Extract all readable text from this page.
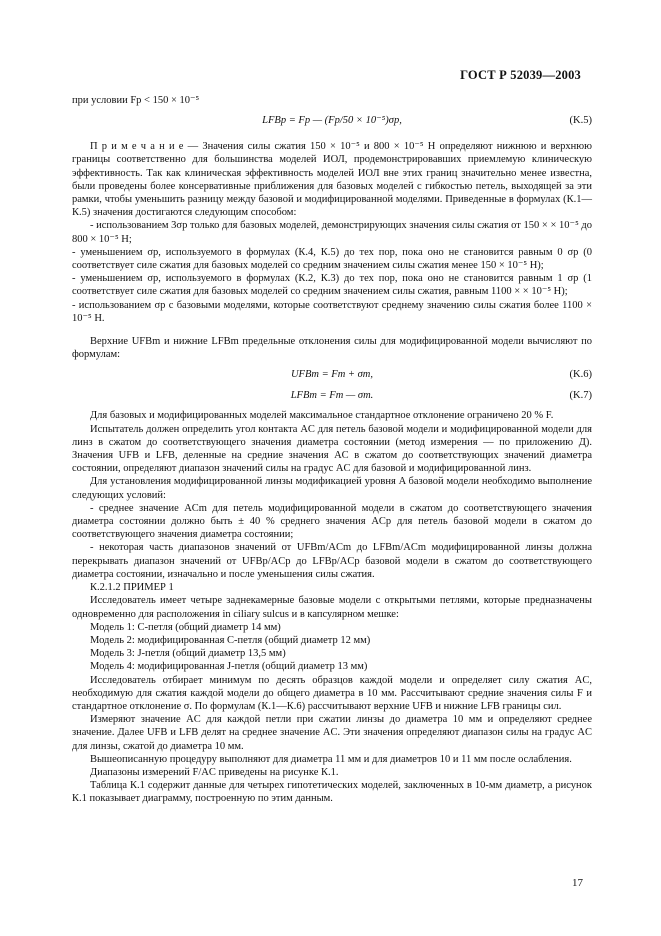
ГОСТ Р 52039—2003

при условии Fp < 150 × 10⁻⁵

LFBp = Fp — (Fp/50 × 10⁻⁵)σp,	(K.5)

П р и м е ч а н и е — Значения силы сжатия 150 × 10⁻⁵ и 800 × 10⁻⁵ H определяют нижнюю и верхнюю границы соответственно для большинства моделей ИОЛ, продемонстрировавших приемлемую клиническую эффективность. Так как клиническая эффективность моделей ИОЛ вне этих границ значительно менее известна, были проведены более консервативные приближения для базовых моделей с гибкостью петель, выходящей за эти рамки, чтобы уменьшить разницу между базовой и модифицированной моделями. Приведенные в формулах (К.1—К.5) значения достигаются следующим способом:

- использованием 3σp только для базовых моделей, демонстрирующих значения силы сжатия от 150 × × 10⁻⁵ до 800 × 10⁻⁵ H;

- уменьшением σp, используемого в формулах (К.4, К.5) до тех пор, пока оно не становится равным 0 σp (0 соответствует силе сжатия для базовых моделей со средним значением силы сжатия менее 150 × 10⁻⁵ H);

- уменьшением σp, используемого в формулах (К.2, К.3) до тех пор, пока оно не становится равным 1 σp (1 соответствует силе сжатия для базовых моделей со средним значением силы сжатия, равным 1100 × × 10⁻⁵ H);

- использованием σp с базовыми моделями, которые соответствуют среднему значению силы сжатия более 1100 × 10⁻⁵ H.

Верхние UFBm и нижние LFBm предельные отклонения силы для модифицированной модели вычисляют по формулам:

UFBm = Fm + σm,	(K.6)
LFBm = Fm — σm.	(K.7)

Для базовых и модифицированных моделей максимальное стандартное отклонение ограничено 20 % F.

Испытатель должен определить угол контакта AC для петель базовой модели и модифицированной модели для линз в сжатом до соответствующего значения диаметра состоянии (метод измерения — по приложению Д). Значения UFB и LFB, деленные на средние значения AC в сжатом до соответствующих значений диаметра состоянии, определяют диапазон значений силы на градус AC для базовой и модифицированной линз.

Для установления модифицированной линзы модификацией уровня A базовой модели необходимо выполнение следующих условий:

- среднее значение ACm для петель модифицированной модели в сжатом до соответствующего значения диаметра состоянии должно быть ± 40 % среднего значения ACp для петель базовой модели в сжатом до соответствующего значения диаметра состоянии;

- некоторая часть диапазонов значений от UFBm/ACm до LFBm/ACm модифицированной линзы должна перекрывать диапазон значений от UFBp/ACp до LFBp/ACp базовой модели в сжатом до соответствующего диаметра состоянии, изначально и после уменьшения силы сжатия.

К.2.1.2 ПРИМЕР 1

Исследователь имеет четыре заднекамерные базовые модели с открытыми петлями, которые предназначены одновременно для расположения in ciliary sulcus и в капсулярном мешке:

Модель 1: C-петля (общий диаметр 14 мм)

Модель 2: модифицированная C-петля (общий диаметр 12 мм)

Модель 3: J-петля (общий диаметр 13,5 мм)

Модель 4: модифицированная J-петля (общий диаметр 13 мм)

Исследователь отбирает минимум по десять образцов каждой модели и определяет силу сжатия AC, необходимую для сжатия каждой модели до общего диаметра в 10 мм. Рассчитывают средние значения силы F и стандартное отклонение σ. По формулам (К.1—К.6) рассчитывают верхние UFB и нижние LFB границы сил.

Измеряют значение AC для каждой петли при сжатии линзы до диаметра 10 мм и определяют среднее значение. Далее UFB и LFB делят на среднее значение AC. Эти значения определяют диапазон силы на градус AC для линзы, сжатой до диаметра 10 мм.

Вышеописанную процедуру выполняют для диаметра 11 мм и для диаметров 10 и 11 мм после ослабления.

Диапазоны измерений F/AC приведены на рисунке К.1.

Таблица К.1 содержит данные для четырех гипотетических моделей, заключенных в 10-мм диаметр, а рисунок К.1 показывает диаграмму, построенную по этим данным.

17
